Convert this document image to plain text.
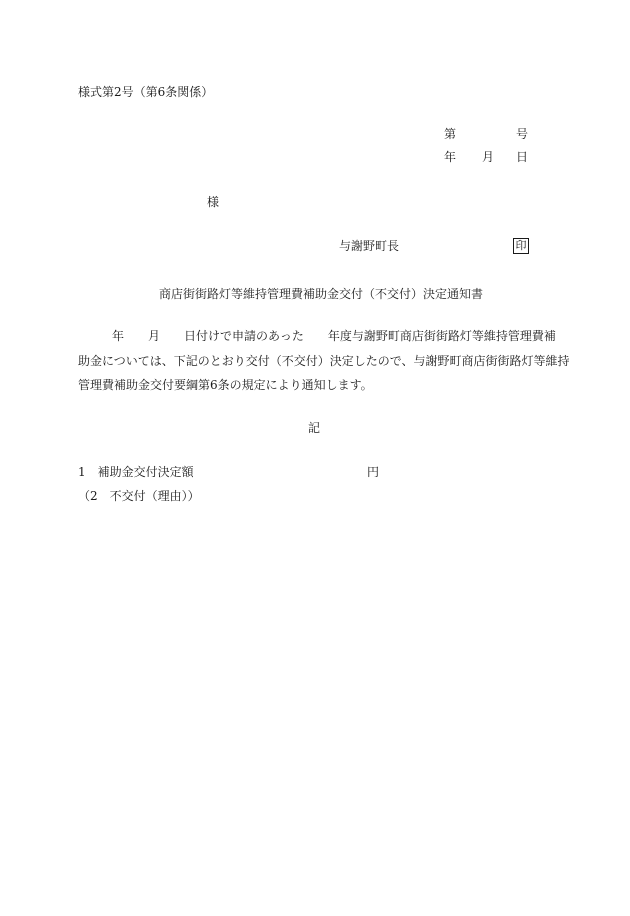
様式第2号（第6条関係）
第	号
年 月 日
様
与謝野町長	印
商店街街路灯等維持管理費補助金交付（不交付）決定通知書
年 月 日付けで申請のあった 年度与謝野町商店街街路灯等維持管理費補
助金については、下記のとおり交付（不交付）決定したので、与謝野町商店街街路灯等維持
管理費補助金交付要綱第6条の規定により通知します。
記
1　補助金交付決定額	円
（2　不交付（理由））
